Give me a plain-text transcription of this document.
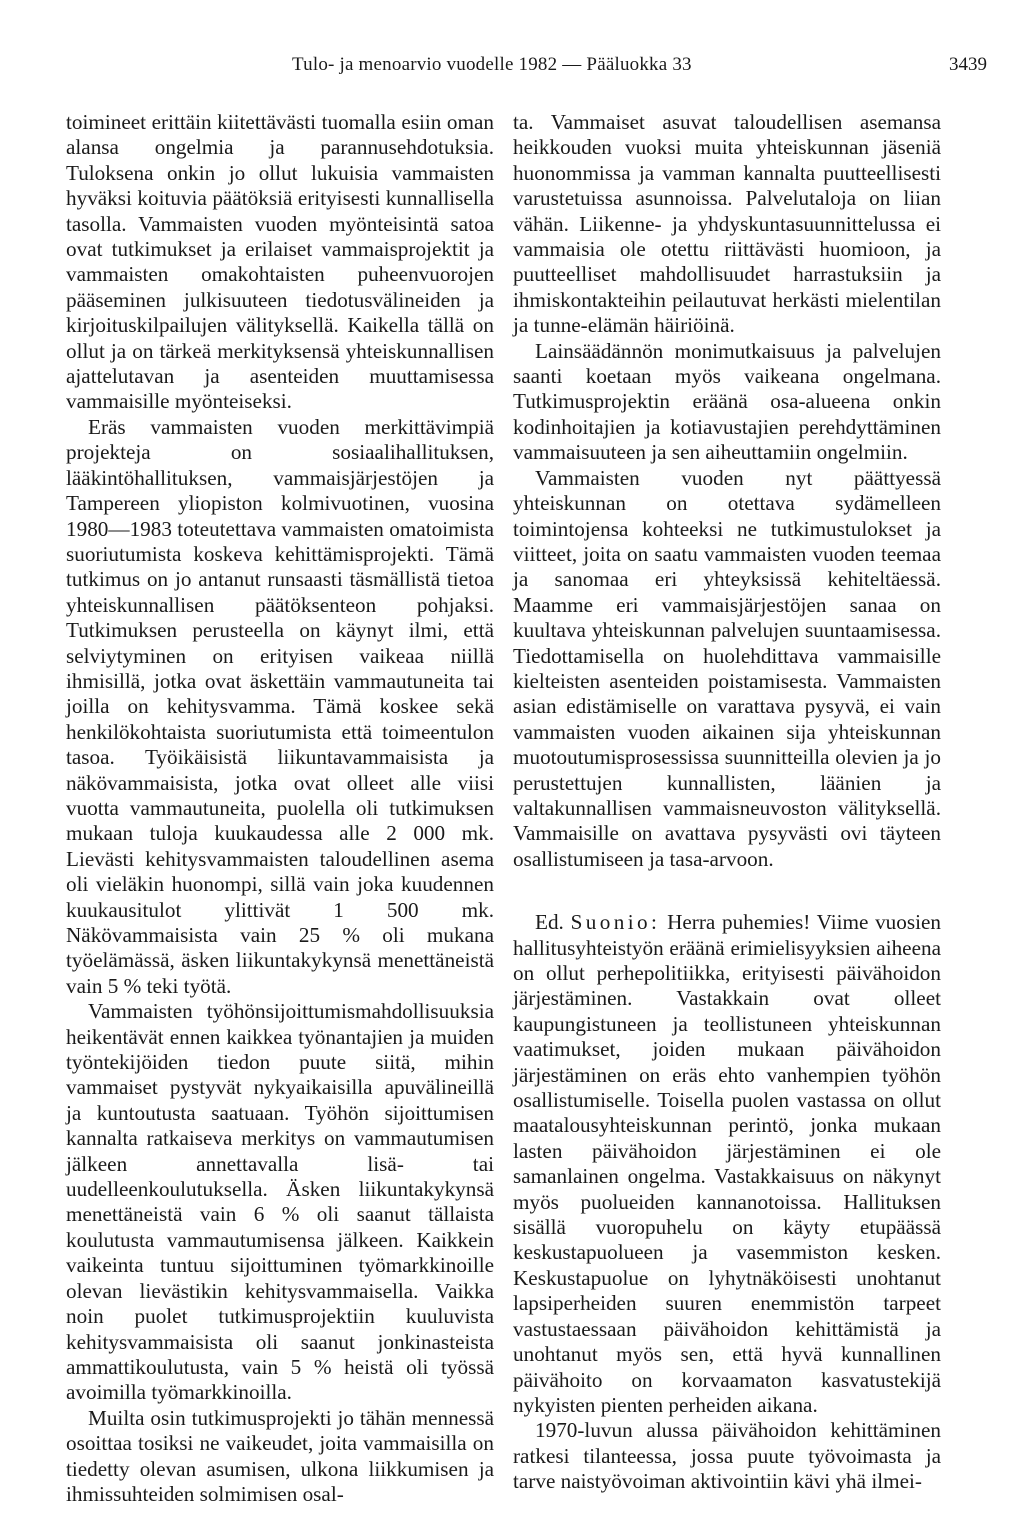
Tulo- ja menoarvio vuodelle 1982 — Pääluokka 33	3439

toimineet erittäin kiitettävästi tuomalla esiin oman alansa ongelmia ja parannusehdotuksia. Tuloksena onkin jo ollut lukuisia vammaisten hyväksi koituvia päätöksiä erityisesti kunnallisella tasolla. Vammaisten vuoden myönteisintä satoa ovat tutkimukset ja erilaiset vammaisprojektit ja vammaisten omakohtaisten puheenvuorojen pääseminen julkisuuteen tiedotusvälineiden ja kirjoituskilpailujen välityksellä. Kaikella tällä on ollut ja on tärkeä merkityksensä yhteiskunnallisen ajattelutavan ja asenteiden muuttamisessa vammaisille myönteiseksi.

Eräs vammaisten vuoden merkittävimpiä projekteja on sosiaalihallituksen, lääkintöhallituksen, vammaisjärjestöjen ja Tampereen yliopiston kolmivuotinen, vuosina 1980—1983 toteutettava vammaisten omatoimista suoriutumista koskeva kehittämisprojekti. Tämä tutkimus on jo antanut runsaasti täsmällistä tietoa yhteiskunnallisen päätöksenteon pohjaksi. Tutkimuksen perusteella on käynyt ilmi, että selviytyminen on erityisen vaikeaa niillä ihmisillä, jotka ovat äskettäin vammautuneita tai joilla on kehitysvamma. Tämä koskee sekä henkilökohtaista suoriutumista että toimeentulon tasoa. Työikäisistä liikuntavammaisista ja näkövammaisista, jotka ovat olleet alle viisi vuotta vammautuneita, puolella oli tutkimuksen mukaan tuloja kuukaudessa alle 2 000 mk. Lievästi kehitysvammaisten taloudellinen asema oli vieläkin huonompi, sillä vain joka kuudennen kuukausitulot ylittivät 1 500 mk. Näkövammaisista vain 25 % oli mukana työelämässä, äsken liikuntakykynsä menettäneistä vain 5 % teki työtä.

Vammaisten työhönsijoittumismahdollisuuksia heikentävät ennen kaikkea työnantajien ja muiden työntekijöiden tiedon puute siitä, mihin vammaiset pystyvät nykyaikaisilla apuvälineillä ja kuntoutusta saatuaan. Työhön sijoittumisen kannalta ratkaiseva merkitys on vammautumisen jälkeen annettavalla lisä- tai uudelleenkoulutuksella. Äsken liikuntakykynsä menettäneistä vain 6 % oli saanut tällaista koulutusta vammautumisensa jälkeen. Kaikkein vaikeinta tuntuu sijoittuminen työmarkkinoille olevan lievästikin kehitysvammaisella. Vaikka noin puolet tutkimusprojektiin kuuluvista kehitysvammaisista oli saanut jonkinasteista ammattikoulutusta, vain 5 % heistä oli työssä avoimilla työmarkkinoilla.

Muilta osin tutkimusprojekti jo tähän mennessä osoittaa tosiksi ne vaikeudet, joita vammaisilla on tiedetty olevan asumisen, ulkona liikkumisen ja ihmissuhteiden solmimisen osal-

ta. Vammaiset asuvat taloudellisen asemansa heikkouden vuoksi muita yhteiskunnan jäseniä huonommissa ja vamman kannalta puutteellisesti varustetuissa asunnoissa. Palvelutaloja on liian vähän. Liikenne- ja yhdyskuntasuunnittelussa ei vammaisia ole otettu riittävästi huomioon, ja puutteelliset mahdollisuudet harrastuksiin ja ihmiskontakteihin peilautuvat herkästi mielentilan ja tunne-elämän häiriöinä.

Lainsäädännön monimutkaisuus ja palvelujen saanti koetaan myös vaikeana ongelmana. Tutkimusprojektin eräänä osa-alueena onkin kodinhoitajien ja kotiavustajien perehdyttäminen vammaisuuteen ja sen aiheuttamiin ongelmiin.

Vammaisten vuoden nyt päättyessä yhteiskunnan on otettava sydämelleen toimintojensa kohteeksi ne tutkimustulokset ja viitteet, joita on saatu vammaisten vuoden teemaa ja sanomaa eri yhteyksissä kehiteltäessä. Maamme eri vammaisjärjestöjen sanaa on kuultava yhteiskunnan palvelujen suuntaamisessa. Tiedottamisella on huolehdittava vammaisille kielteisten asenteiden poistamisesta. Vammaisten asian edistämiselle on varattava pysyvä, ei vain vammaisten vuoden aikainen sija yhteiskunnan muotoutumisprosessissa suunnitteilla olevien ja jo perustettujen kunnallisten, läänien ja valtakunnallisen vammaisneuvoston välityksellä. Vammaisille on avattava pysyvästi ovi täyteen osallistumiseen ja tasa-arvoon.

Ed. Suonio: Herra puhemies! Viime vuosien hallitusyhteistyön eräänä erimielisyyksien aiheena on ollut perhepolitiikka, erityisesti päivähoidon järjestäminen. Vastakkain ovat olleet kaupungistuneen ja teollistuneen yhteiskunnan vaatimukset, joiden mukaan päivähoidon järjestäminen on eräs ehto vanhempien työhön osallistumiselle. Toisella puolen vastassa on ollut maatalousyhteiskunnan perintö, jonka mukaan lasten päivähoidon järjestäminen ei ole samanlainen ongelma. Vastakkaisuus on näkynyt myös puolueiden kannanotoissa. Hallituksen sisällä vuoropuhelu on käyty etupäässä keskustapuolueen ja vasemmiston kesken. Keskustapuolue on lyhytnäköisesti unohtanut lapsiperheiden suuren enemmistön tarpeet vastustaessaan päivähoidon kehittämistä ja unohtanut myös sen, että hyvä kunnallinen päivähoito on korvaamaton kasvatustekijä nykyisten pienten perheiden aikana.

1970-luvun alussa päivähoidon kehittäminen ratkesi tilanteessa, jossa puute työvoimasta ja tarve naistyövoiman aktivointiin kävi yhä ilmei-
